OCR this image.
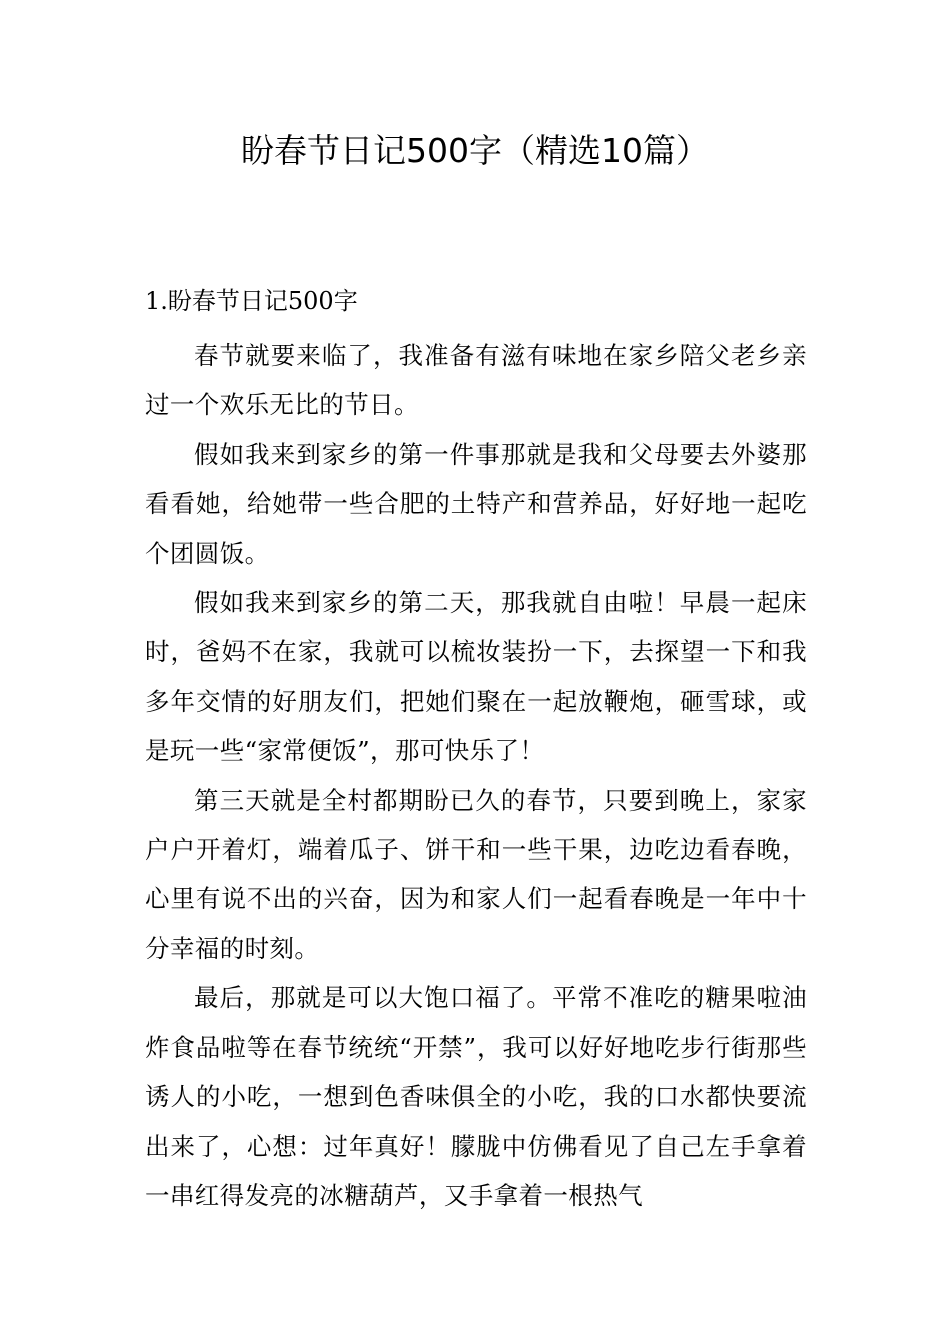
盼春节日记500字（精选10篇）
1.盼春节日记500字

春节就要来临了，我准备有滋有味地在家乡陪父老乡亲过一个欢乐无比的节日。

假如我来到家乡的第一件事那就是我和父母要去外婆那看看她，给她带一些合肥的土特产和营养品，好好地一起吃个团圆饭。

假如我来到家乡的第二天，那我就自由啦！早晨一起床时，爸妈不在家，我就可以梳妆装扮一下，去探望一下和我多年交情的好朋友们，把她们聚在一起放鞭炮，砸雪球，或是玩一些“家常便饭”，那可快乐了！

第三天就是全村都期盼已久的春节，只要到晚上，家家户户开着灯，端着瓜子、饼干和一些干果，边吃边看春晚，心里有说不出的兴奋，因为和家人们一起看春晚是一年中十分幸福的时刻。

最后，那就是可以大饱口福了。平常不准吃的糖果啦油炸食品啦等在春节统统“开禁”，我可以好好地吃步行街那些诱人的小吃，一想到色香味俱全的小吃，我的口水都快要流出来了，心想：过年真好！朦胧中仿佛看见了自己左手拿着一串红得发亮的冰糖葫芦，又手拿着一根热气
